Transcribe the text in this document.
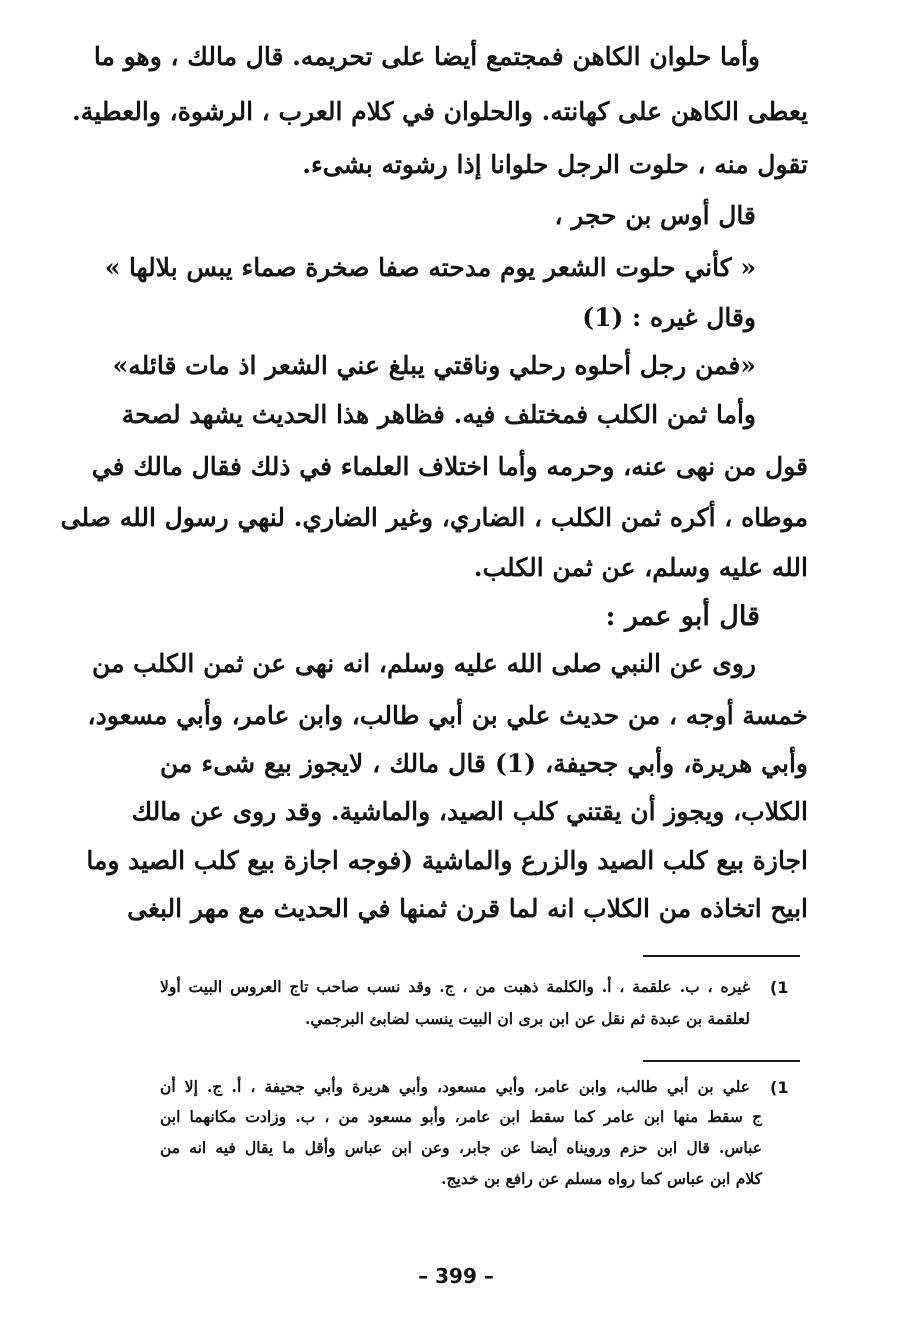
وأما حلوان الكاهن فمجتمع أيضا على تحريمه. قال مالك ، وهو ما
يعطى الكاهن على كهانته. والحلوان في كلام العرب ، الرشوة، والعطية.
تقول منه ، حلوت الرجل حلوانا إذا رشوته بشىء.
قال أوس بن حجر ،
« كأني حلوت الشعر يوم مدحته صفا صخرة صماء يبس بلالها »
وقال غيره : (1)
«فمن رجل أحلوه رحلي وناقتي يبلغ عني الشعر اذ مات قائله»
وأما ثمن الكلب فمختلف فيه. فظاهر هذا الحديث يشهد لصحة
قول من نهى عنه، وحرمه وأما اختلاف العلماء في ذلك فقال مالك في
موطاه ، أكره ثمن الكلب ، الضاري، وغير الضاري. لنهي رسول الله صلى
الله عليه وسلم، عن ثمن الكلب.
قال أبو عمر :
روى عن النبي صلى الله عليه وسلم، انه نهى عن ثمن الكلب من
خمسة أوجه ، من حديث علي بن أبي طالب، وابن عامر، وأبي مسعود،
وأبي هريرة، وأبي جحيفة، (1) قال مالك ، لايجوز بيع شىء من
الكلاب، ويجوز أن يقتني كلب الصيد، والماشية. وقد روى عن مالك
اجازة بيع كلب الصيد والزرع والماشية (فوجه اجازة بيع كلب الصيد وما
ابيح اتخاذه من الكلاب انه لما قرن ثمنها في الحديث مع مهر البغى
(1
غيره ، ب. علقمة ، أ. والكلمة ذهبت من ، ج. وقد نسب صاحب تاج العروس البيت أولا
لعلقمة بن عبدة ثم نقل عن ابن برى ان البيت ينسب لضابئ البرجمي.
(1
علي بن أبي طالب، وابن عامر، وأبي مسعود، وأبي هريرة وأبي جحيفة ، أ. ج. إلا أن
ج سقط منها ابن عامر كما سقط ابن عامر، وأبو مسعود من ، ب. وزادت مكانهما ابن
عباس. قال ابن حزم ورويناه أيضا عن جابر، وعن ابن عباس وأقل ما يقال فيه انه من
كلام ابن عباس كما رواه مسلم عن رافع بن خديج.
– 399 –
